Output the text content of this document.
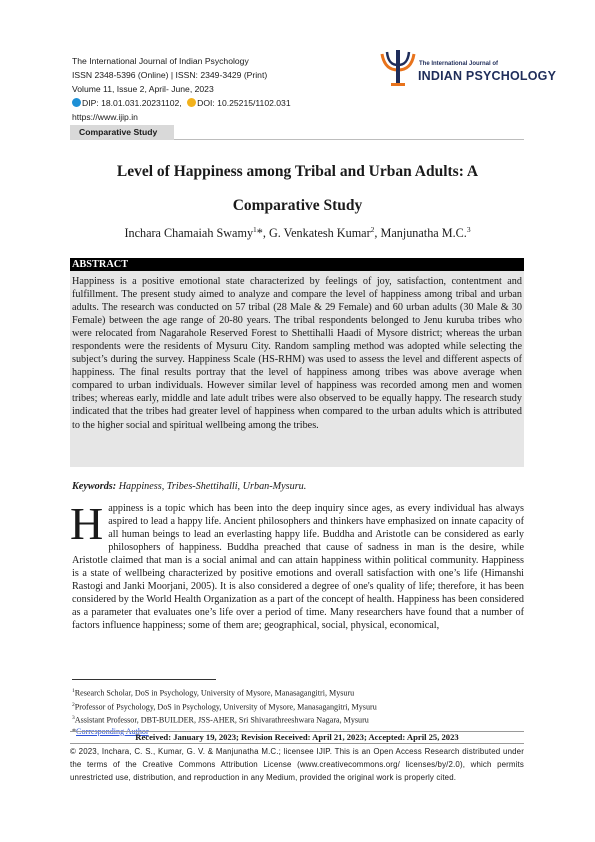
The International Journal of Indian Psychology
ISSN 2348-5396 (Online) | ISSN: 2349-3429 (Print)
Volume 11, Issue 2, April- June, 2023
DIP: 18.01.031.20231102, DOI: 10.25215/1102.031
https://www.ijip.in
The International Journal of
INDIAN PSYCHOLOGY
Comparative Study
Level of Happiness among Tribal and Urban Adults: A Comparative Study
Inchara Chamaiah Swamy$^1$*, G. Venkatesh Kumar$^2$, Manjunatha M.C.$^3$
ABSTRACT
Happiness is a positive emotional state characterized by feelings of joy, satisfaction, contentment and fulfillment. The present study aimed to analyze and compare the level of happiness among tribal and urban adults. The research was conducted on 57 tribal (28 Male & 29 Female) and 60 urban adults (30 Male & 30 Female) between the age range of 20-80 years. The tribal respondents belonged to Jenu kuruba tribes who were relocated from Nagarahole Reserved Forest to Shettihalli Haadi of Mysore district; whereas the urban respondents were the residents of Mysuru City. Random sampling method was adopted while selecting the subject’s during the survey. Happiness Scale (HS-RHM) was used to assess the level and different aspects of happiness. The final results portray that the level of happiness among tribes was above average when compared to urban individuals. However similar level of happiness was recorded among men and women tribes; whereas early, middle and late adult tribes were also observed to be equally happy. The research study indicated that the tribes had greater level of happiness when compared to the urban adults which is attributed to the higher social and spiritual wellbeing among the tribes.
Keywords: Happiness, Tribes-Shettihalli, Urban-Mysuru.
Happiness is a topic which has been into the deep inquiry since ages, as every individual has always aspired to lead a happy life. Ancient philosophers and thinkers have emphasized on innate capacity of all human beings to lead an everlasting happy life. Buddha and Aristotle can be considered as early philosophers of happiness. Buddha preached that cause of sadness in man is the desire, while Aristotle claimed that man is a social animal and can attain happiness within political community. Happiness is a state of wellbeing characterized by positive emotions and overall satisfaction with one’s life (Himanshi Rastogi and Janki Moorjani, 2005). It is also considered a degree of one's quality of life; therefore, it has been considered by the World Health Organization as a part of the concept of health. Happiness has been considered as a parameter that evaluates one’s life over a period of time. Many researchers have found that a number of factors influence happiness; some of them are; geographical, social, physical, economical,
$^1$Research Scholar, DoS in Psychology, University of Mysore, Manasagangitri, Mysuru
$^2$Professor of Psychology, DoS in Psychology, University of Mysore, Manasagangitri, Mysuru
$^3$Assistant Professor, DBT-BUILDER, JSS-AHER, Sri Shivarathreeshwara Nagara, Mysuru
*Corresponding Author
Received: January 19, 2023; Revision Received: April 21, 2023; Accepted: April 25, 2023
© 2023, Inchara, C. S., Kumar, G. V. & Manjunatha M.C.; licensee IJIP. This is an Open Access Research distributed under the terms of the Creative Commons Attribution License (www.creativecommons.org/ licenses/by/2.0), which permits unrestricted use, distribution, and reproduction in any Medium, provided the original work is properly cited.
